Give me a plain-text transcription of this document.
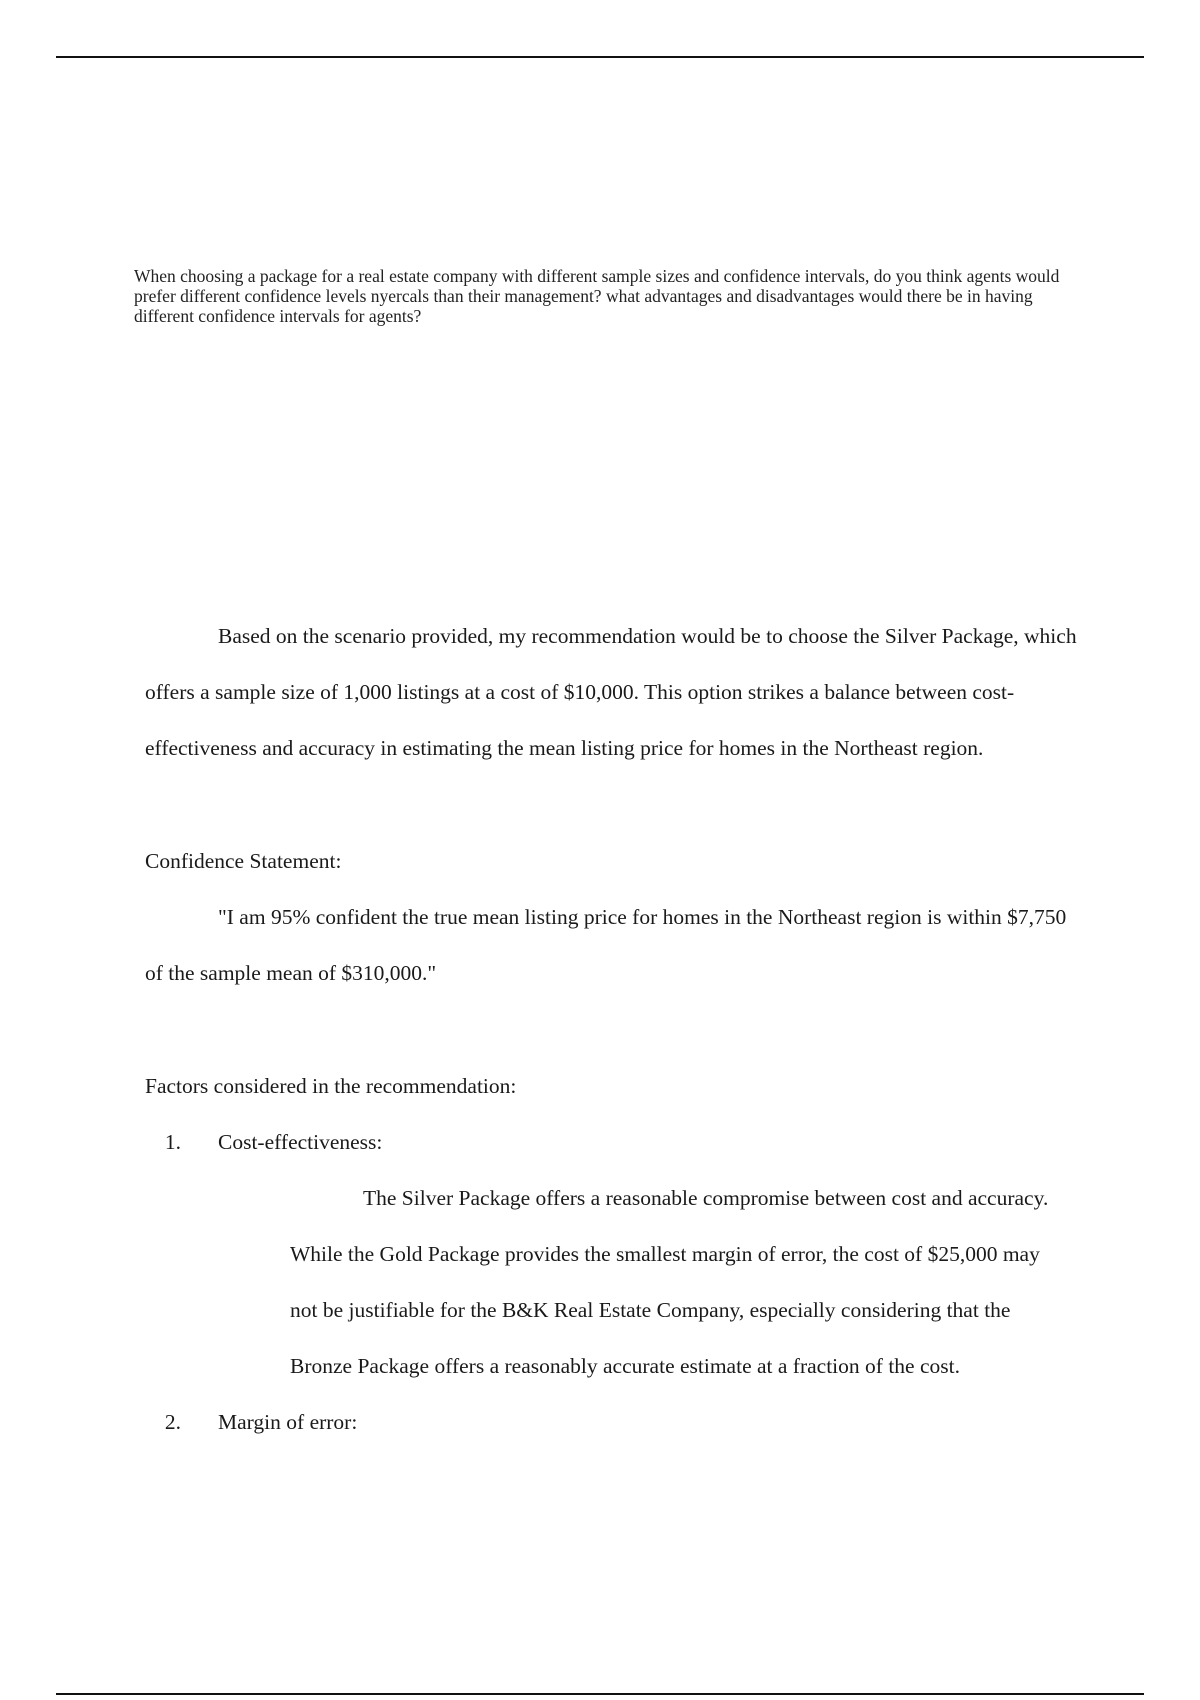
When choosing a package for a real estate company with different sample sizes and confidence intervals, do you think agents would prefer different confidence levels nyercals than their management? what advantages and disadvantages would there be in having different confidence intervals for agents?

Based on the scenario provided, my recommendation would be to choose the Silver Package, which offers a sample size of 1,000 listings at a cost of $10,000. This option strikes a balance between cost-effectiveness and accuracy in estimating the mean listing price for homes in the Northeast region.

Confidence Statement:

"I am 95% confident the true mean listing price for homes in the Northeast region is within $7,750 of the sample mean of $310,000."

Factors considered in the recommendation:

1. Cost-effectiveness:

The Silver Package offers a reasonable compromise between cost and accuracy. While the Gold Package provides the smallest margin of error, the cost of $25,000 may not be justifiable for the B&K Real Estate Company, especially considering that the Bronze Package offers a reasonably accurate estimate at a fraction of the cost.

2. Margin of error:
